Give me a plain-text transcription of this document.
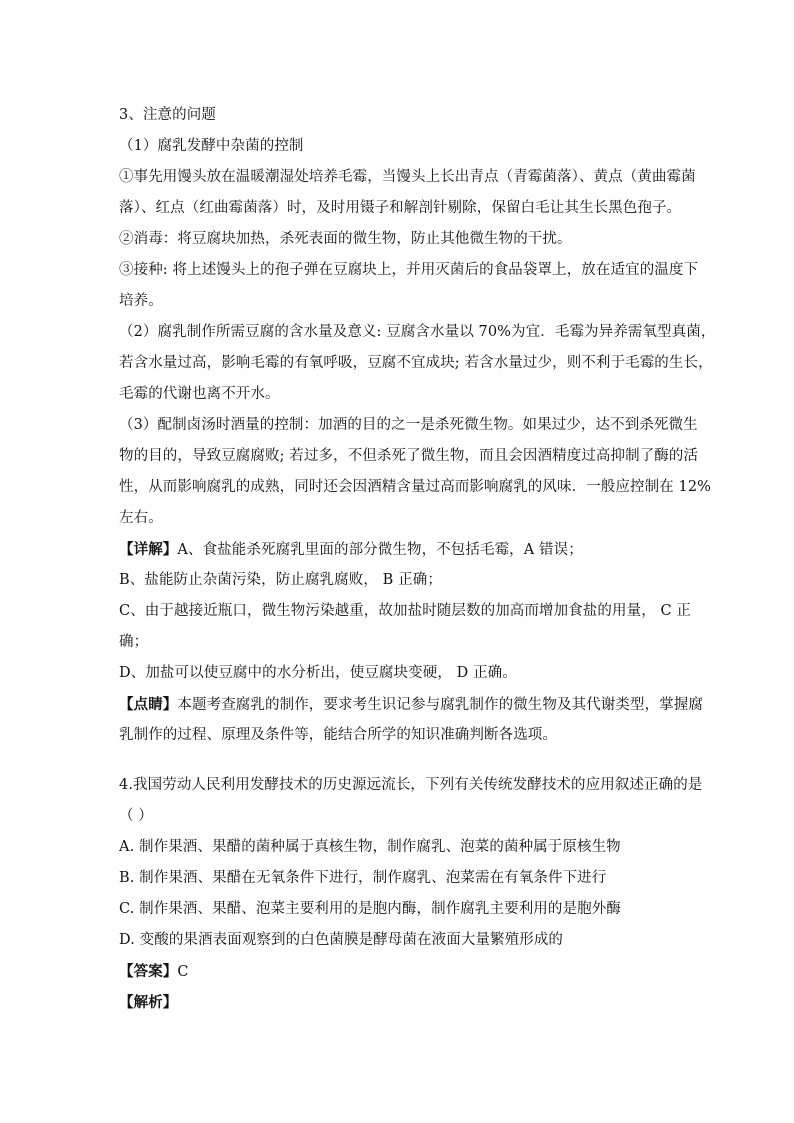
3、注意的问题
（1）腐乳发酵中杂菌的控制
①事先用馒头放在温暖潮湿处培养毛霉，当馒头上长出青点（青霉菌落）、黄点（黄曲霉菌
落）、红点（红曲霉菌落）时，及时用镊子和解剖针剔除，保留白毛让其生长黑色孢子。
②消毒：将豆腐块加热，杀死表面的微生物，防止其他微生物的干扰。
③接种: 将上述馒头上的孢子弹在豆腐块上，并用灭菌后的食品袋罩上，放在适宜的温度下
培养。
（2）腐乳制作所需豆腐的含水量及意义: 豆腐含水量以 70%为宜．毛霉为异养需氧型真菌，
若含水量过高，影响毛霉的有氧呼吸，豆腐不宜成块; 若含水量过少，则不利于毛霉的生长，
毛霉的代谢也离不开水。
（3）配制卤汤时酒量的控制：加酒的目的之一是杀死微生物。如果过少，达不到杀死微生
物的目的，导致豆腐腐败; 若过多，不但杀死了微生物，而且会因酒精度过高抑制了酶的活
性，从而影响腐乳的成熟，同时还会因酒精含量过高而影响腐乳的风味．一般应控制在 12%
左右。
【详解】A、食盐能杀死腐乳里面的部分微生物，不包括毛霉，A 错误；
B、盐能防止杂菌污染，防止腐乳腐败， B 正确；
C、由于越接近瓶口，微生物污染越重，故加盐时随层数的加高而增加食盐的用量， C 正
确；
D、加盐可以使豆腐中的水分析出，使豆腐块变硬， D 正确。
【点睛】本题考查腐乳的制作，要求考生识记参与腐乳制作的微生物及其代谢类型，掌握腐
乳制作的过程、原理及条件等，能结合所学的知识准确判断各选项。
4.我国劳动人民利用发酵技术的历史源远流长，下列有关传统发酵技术的应用叙述正确的是
（ ）
A. 制作果酒、果醋的菌种属于真核生物，制作腐乳、泡菜的菌种属于原核生物
B. 制作果酒、果醋在无氧条件下进行，制作腐乳、泡菜需在有氧条件下进行
C. 制作果酒、果醋、泡菜主要利用的是胞内酶，制作腐乳主要利用的是胞外酶
D. 变酸的果酒表面观察到的白色菌膜是酵母菌在液面大量繁殖形成的
【答案】C
【解析】
